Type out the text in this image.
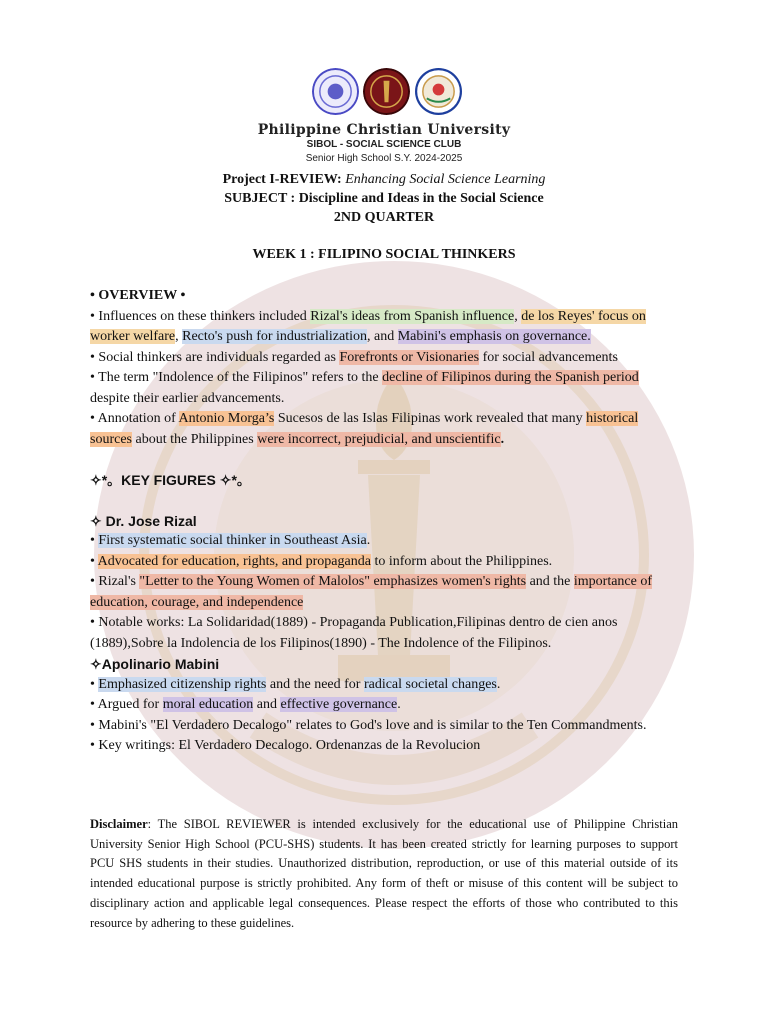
Philippine Christian University
SIBOL - SOCIAL SCIENCE CLUB
Senior High School S.Y. 2024-2025
Project I-REVIEW: Enhancing Social Science Learning
SUBJECT : Discipline and Ideas in the Social Science
2ND QUARTER
WEEK 1 : FILIPINO SOCIAL THINKERS

• OVERVIEW •

• Influences on these thinkers included Rizal's ideas from Spanish influence, de los Reyes' focus on worker welfare, Recto's push for industrialization, and Mabini's emphasis on governance.

• Social thinkers are individuals regarded as Forefronts or Visionaries for social advancements

• The term "Indolence of the Filipinos" refers to the decline of Filipinos during the Spanish period despite their earlier advancements.

• Annotation of Antonio Morga’s Sucesos de las Islas Filipinas work revealed that many historical sources about the Philippines were incorrect, prejudicial, and unscientific.

✧*。KEY FIGURES ✧*。

✧ Dr. Jose Rizal

• First systematic social thinker in Southeast Asia.

• Advocated for education, rights, and propaganda to inform about the Philippines.

• Rizal's "Letter to the Young Women of Malolos" emphasizes women's rights and the importance of education, courage, and independence

• Notable works: La Solidaridad(1889) - Propaganda Publication,Filipinas dentro de cien anos (1889),Sobre la Indolencia de los Filipinos(1890) - The Indolence of the Filipinos.

✧Apolinario Mabini

• Emphasized citizenship rights and the need for radical societal changes.

• Argued for moral education and effective governance.

• Mabini's "El Verdadero Decalogo" relates to God's love and is similar to the Ten Commandments.

• Key writings: El Verdadero Decalogo. Ordenanzas de la Revolucion

Disclaimer: The SIBOL REVIEWER is intended exclusively for the educational use of Philippine Christian University Senior High School (PCU-SHS) students. It has been created strictly for learning purposes to support PCU SHS students in their studies. Unauthorized distribution, reproduction, or use of this material outside of its intended educational purpose is strictly prohibited. Any form of theft or misuse of this content will be subject to disciplinary action and applicable legal consequences. Please respect the efforts of those who contributed to this resource by adhering to these guidelines.
